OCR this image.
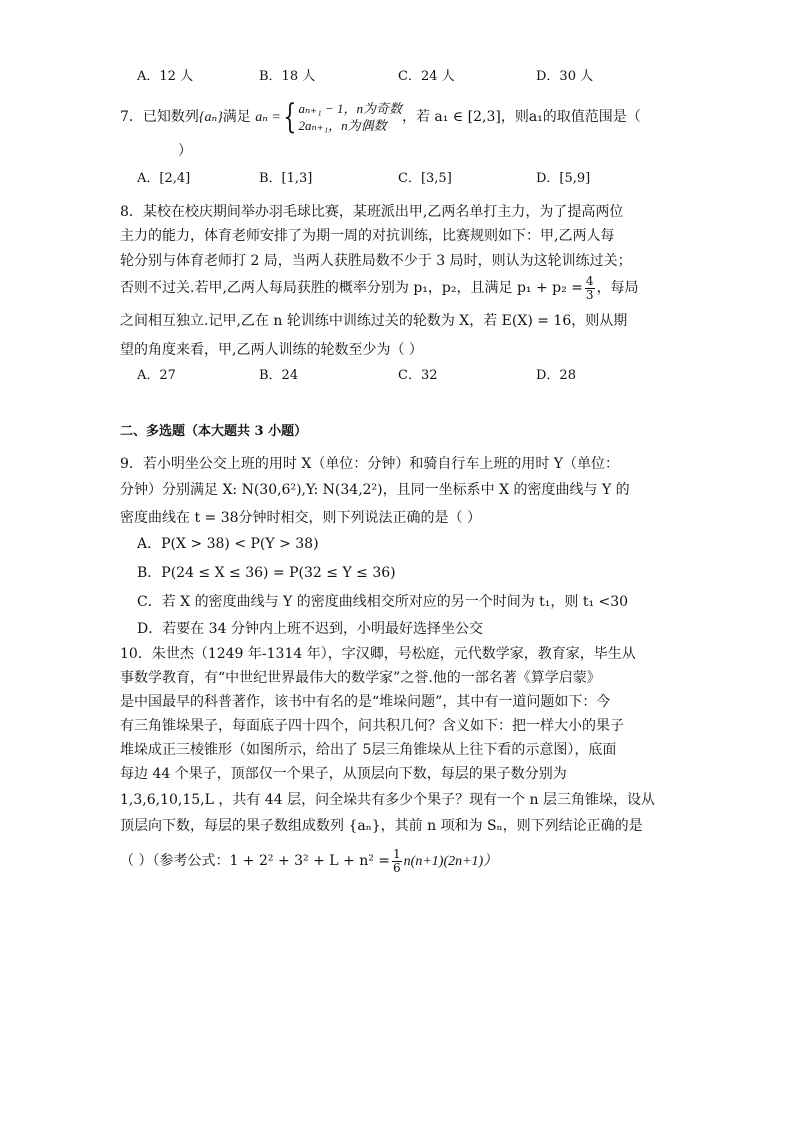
A．12 人	B．18 人	C．24 人	D．30 人
7．已知数列{aₙ}满足 aₙ ={ aₙ₊₁ − 1，n为奇数
2aₙ₊₁，n为偶数
，若 a₁ ∈ [2,3]，则a₁的取值范围是（
）
A．[2,4]	B．[1,3]	C．[3,5]	D．[5,9]
8．某校在校庆期间举办羽毛球比赛，某班派出甲,乙两名单打主力，为了提高两位
主力的能力，体育老师安排了为期一周的对抗训练，比赛规则如下：甲,乙两人每
轮分别与体育老师打 2 局，当两人获胜局数不少于 3 局时，则认为这轮训练过关；
否则不过关.若甲,乙两人每局获胜的概率分别为 p₁，p₂，且满足 $p_1 + p_2 = \frac{4}{3}$ ，每局
之间相互独立.记甲,乙在 n 轮训练中训练过关的轮数为 X，若 E(X) = 16，则从期
望的角度来看，甲,乙两人训练的轮数至少为（ ）
A．27	B．24	C．32	D．28
二、多选题（本大题共 3 小题）
9．若小明坐公交上班的用时 X（单位：分钟）和骑自行车上班的用时 Y（单位：
分钟）分别满足 X: N(30,6²),Y: N(34,2²)，且同一坐标系中 X 的密度曲线与 Y 的
密度曲线在 t = 38分钟时相交，则下列说法正确的是（ ）
A．P(X > 38) < P(Y > 38)
B．P(24 ≤ X ≤ 36) = P(32 ≤ Y ≤ 36)
C．若 X 的密度曲线与 Y 的密度曲线相交所对应的另一个时间为 t₁，则 t₁ <30
D．若要在 34 分钟内上班不迟到，小明最好选择坐公交
10．朱世杰（1249 年-1314 年），字汉卿，号松庭，元代数学家，教育家，毕生从
事数学教育，有“中世纪世界最伟大的数学家”之誉.他的一部名著《算学启蒙》
是中国最早的科普著作，该书中有名的是“堆垛问题”，其中有一道问题如下：今
有三角锥垛果子，每面底子四十四个，问共积几何？含义如下：把一样大小的果子
堆垛成正三棱锥形（如图所示，给出了 5层三角锥垛从上往下看的示意图），底面
每边 44 个果子，顶部仅一个果子，从顶层向下数，每层的果子数分别为
1,3,6,10,15,L ，共有 44 层，问全垛共有多少个果子？现有一个 n 层三角锥垛，设从
顶层向下数，每层的果子数组成数列 {aₙ}，其前 n 项和为 Sₙ，则下列结论正确的是
（ ）（参考公式：$1 + 2^2 + 3^2 + L + n^2 = \frac{1}{6} n(n+1)(2n+1)$）
